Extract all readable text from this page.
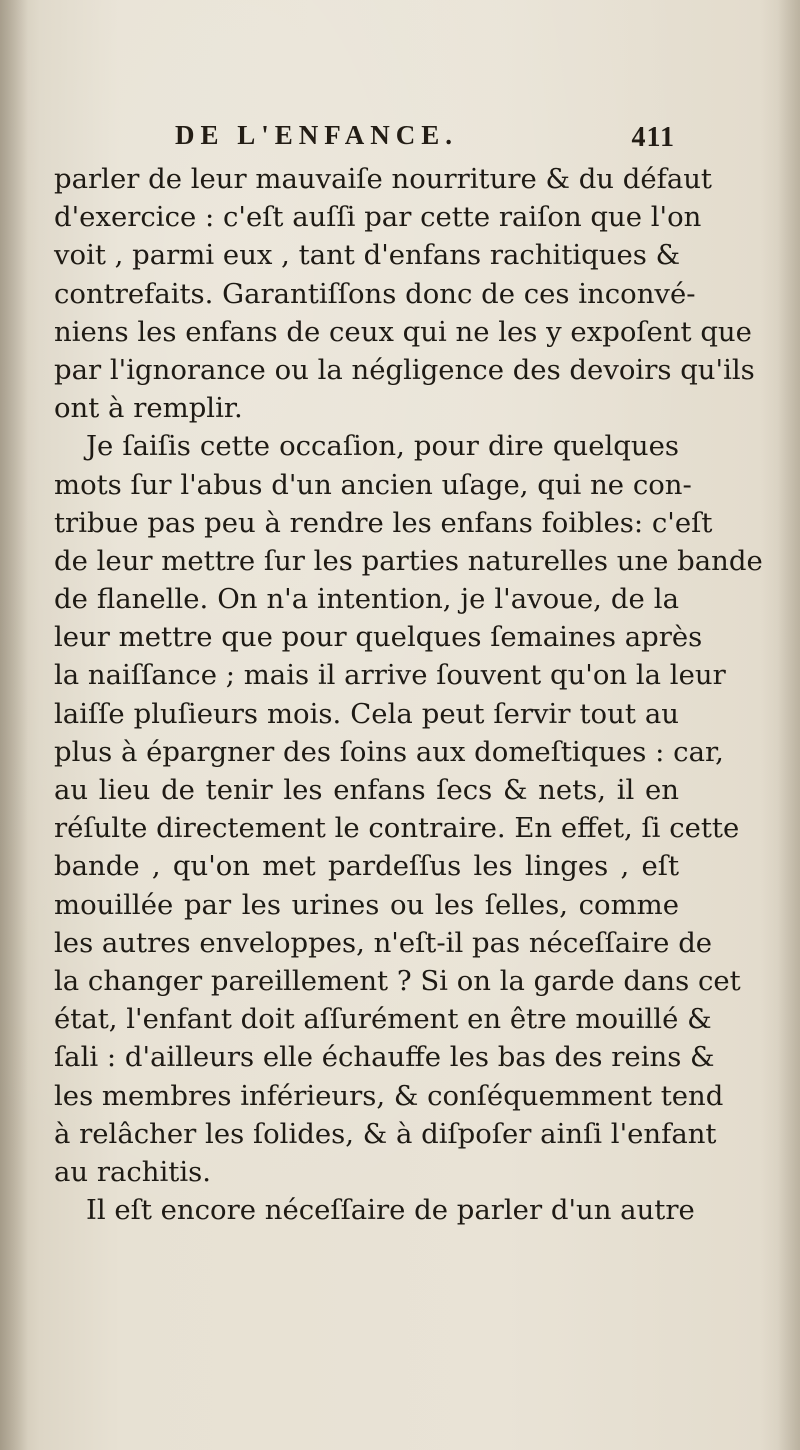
DE L'ENFANCE.	411
parler de leur mauvaiſe nourriture & du défaut
d'exercice : c'eſt auſſi par cette raiſon que l'on
voit , parmi eux , tant d'enfans rachitiques &
contrefaits. Garantiſſons donc de ces inconvé-
niens les enfans de ceux qui ne les y expoſent que
par l'ignorance ou la négligence des devoirs qu'ils
ont à remplir.
Je ſaiſis cette occaſion, pour dire quelques
mots ſur l'abus d'un ancien uſage, qui ne con-
tribue pas peu à rendre les enfans foibles: c'eſt
de leur mettre ſur les parties naturelles une bande
de flanelle. On n'a intention, je l'avoue, de la
leur mettre que pour quelques ſemaines après
la naiſſance ; mais il arrive ſouvent qu'on la leur
laiſſe pluſieurs mois. Cela peut ſervir tout au
plus à épargner des ſoins aux domeſtiques : car,
au lieu de tenir les enfans ſecs & nets, il en
réſulte directement le contraire. En effet, ſi cette
bande , qu'on met pardeſſus les linges , eſt
mouillée par les urines ou les ſelles, comme
les autres enveloppes, n'eſt-il pas néceſſaire de
la changer pareillement ? Si on la garde dans cet
état, l'enfant doit aſſurément en être mouillé &
ſali : d'ailleurs elle échauffe les bas des reins &
les membres inférieurs, & conſéquemment tend
à relâcher les ſolides, & à diſpoſer ainſi l'enfant
au rachitis.
Il eſt encore néceſſaire de parler d'un autre
